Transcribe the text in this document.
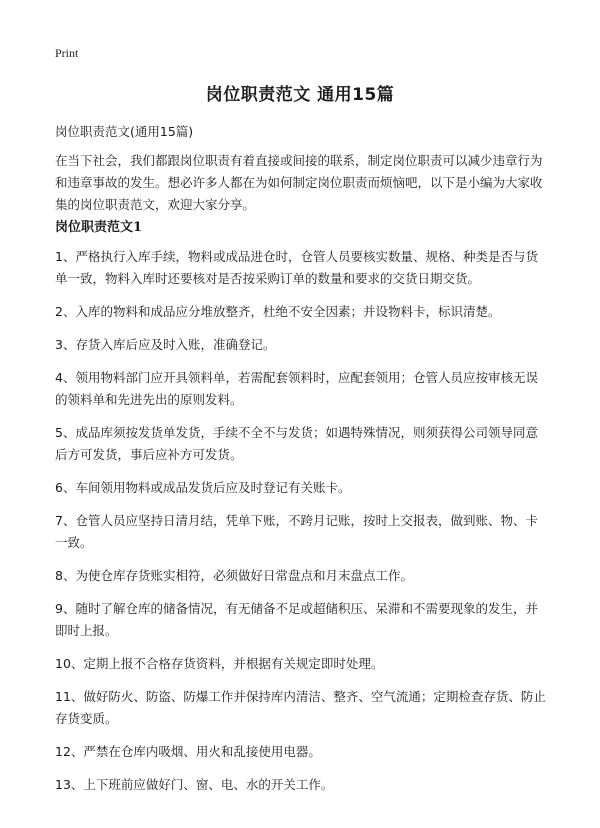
Print
岗位职责范文 通用15篇
岗位职责范文(通用15篇)

在当下社会，我们都跟岗位职责有着直接或间接的联系，制定岗位职责可以减少违章行为和违章事故的发生。想必许多人都在为如何制定岗位职责而烦恼吧，以下是小编为大家收集的岗位职责范文，欢迎大家分享。

岗位职责范文1
1、严格执行入库手续，物料或成品进仓时，仓管人员要核实数量、规格、种类是否与货单一致，物料入库时还要核对是否按采购订单的数量和要求的交货日期交货。
2、入库的物料和成品应分堆放整齐，杜绝不安全因素；并设物料卡，标识清楚。
3、存货入库后应及时入账，准确登记。
4、领用物料部门应开具领料单，若需配套领料时，应配套领用；仓管人员应按审核无误的领料单和先进先出的原则发料。
5、成品库须按发货单发货，手续不全不与发货；如遇特殊情况，则须获得公司领导同意后方可发货，事后应补方可发货。
6、车间领用物料或成品发货后应及时登记有关账卡。
7、仓管人员应坚持日清月结，凭单下账，不跨月记账，按时上交报表，做到账、物、卡一致。
8、为使仓库存货账实相符，必须做好日常盘点和月末盘点工作。
9、随时了解仓库的储备情况，有无储备不足或超储积压、呆滞和不需要现象的发生，并即时上报。
10、定期上报不合格存货资料，并根据有关规定即时处理。
11、做好防火、防盗、防爆工作并保持库内清洁、整齐、空气流通；定期检查存货、防止存货变质。
12、严禁在仓库内吸烟、用火和乱接使用电器。
13、上下班前应做好门、窗、电、水的开关工作。
